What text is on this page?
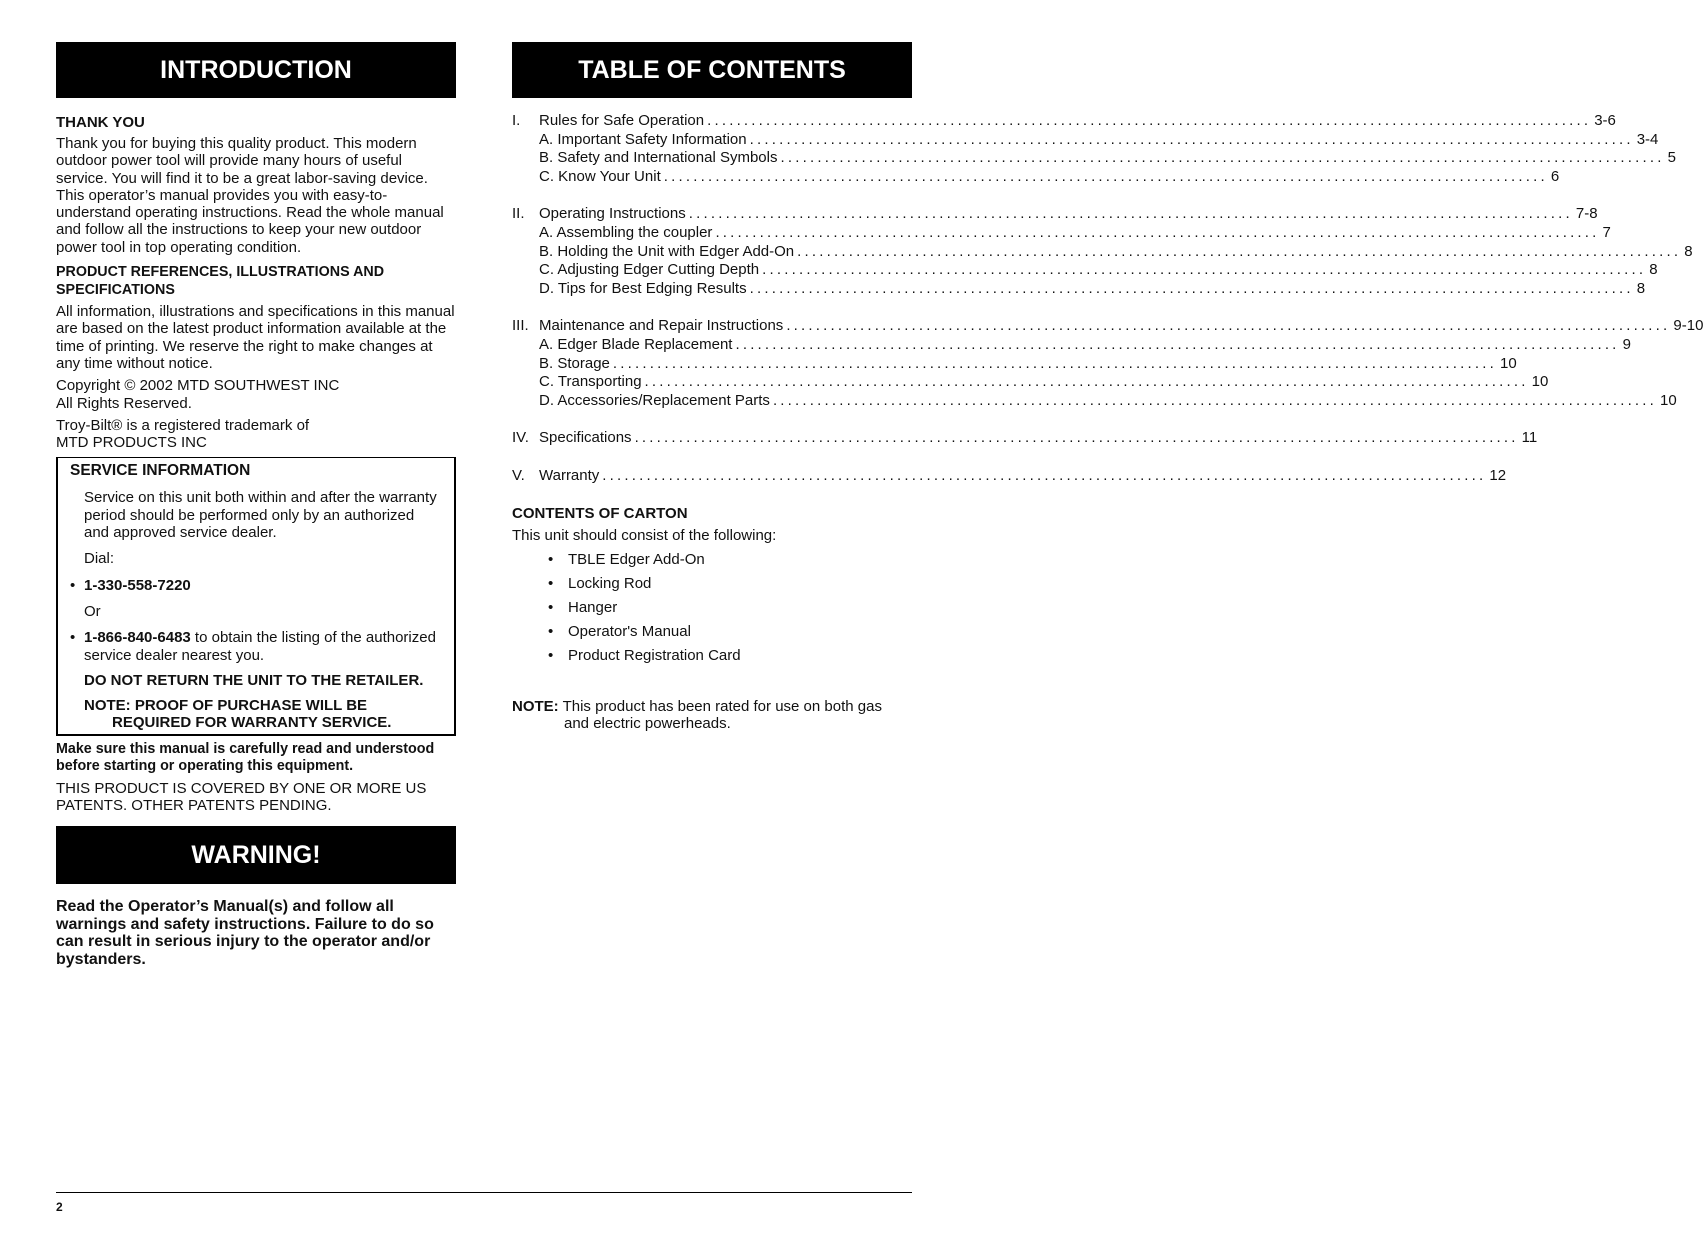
INTRODUCTION

THANK YOU

Thank you for buying this quality product. This modern outdoor power tool will provide many hours of useful service. You will find it to be a great labor-saving device. This operator’s manual provides you with easy-to-understand operating instructions. Read the whole manual and follow all the instructions to keep your new outdoor power tool in top operating condition.

PRODUCT REFERENCES, ILLUSTRATIONS AND SPECIFICATIONS

All information, illustrations and specifications in this manual are based on the latest product information available at the time of printing. We reserve the right to make changes at any time without notice.

Copyright © 2002 MTD SOUTHWEST INC

All Rights Reserved.

Troy-Bilt® is a registered trademark of

MTD PRODUCTS INC

SERVICE INFORMATION

Service on this unit both within and after the warranty period should be performed only by an authorized and approved service dealer.

Dial:

• 1-330-558-7220

Or

• 1-866-840-6483 to obtain the listing of the authorized service dealer nearest you.

DO NOT RETURN THE UNIT TO THE RETAILER.

NOTE: PROOF OF PURCHASE WILL BE

REQUIRED FOR WARRANTY SERVICE.

Make sure this manual is carefully read and understood before starting or operating this equipment.

THIS PRODUCT IS COVERED BY ONE OR MORE US PATENTS. OTHER PATENTS PENDING.

WARNING!

Read the Operator’s Manual(s) and follow all warnings and safety instructions. Failure to do so can result in serious injury to the operator and/or bystanders.

TABLE OF CONTENTS
I.	Rules for Safe Operation ........................................................................................................................ 3-6
A. Important Safety Information ........................................................................................................................ 3-4
B. Safety and International Symbols ........................................................................................................................ 5
C. Know Your Unit ........................................................................................................................ 6
II. Operating Instructions ........................................................................................................................ 7-8
A. Assembling the coupler ........................................................................................................................ 7
B. Holding the Unit with Edger Add-On ........................................................................................................................ 8
C. Adjusting Edger Cutting Depth ........................................................................................................................ 8
D. Tips for Best Edging Results ........................................................................................................................ 8
III. Maintenance and Repair Instructions ........................................................................................................................ 9-10
A. Edger Blade Replacement ........................................................................................................................ 9
B. Storage ........................................................................................................................ 10
C. Transporting ........................................................................................................................ 10
D. Accessories/Replacement Parts ........................................................................................................................ 10
IV. Specifications ........................................................................................................................ 11
V. Warranty ........................................................................................................................ 12

CONTENTS OF CARTON

This unit should consist of the following:

• TBLE Edger Add-On
• Locking Rod
• Hanger
• Operator's Manual
• Product Registration Card

NOTE: This product has been rated for use on both gas

and electric powerheads.

2
